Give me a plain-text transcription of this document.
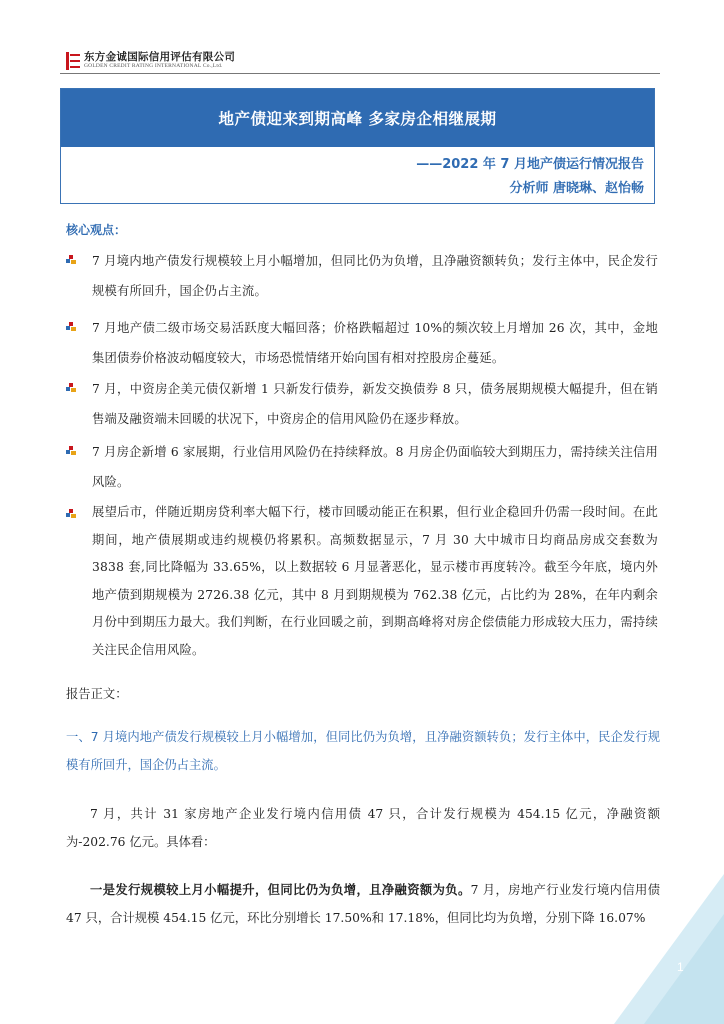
东方金诚国际信用评估有限公司
GOLDEN CREDIT RATING INTERNATIONAL Co.,Ltd.
地产债迎来到期高峰 多家房企相继展期
——2022 年 7 月地产债运行情况报告
分析师 唐晓琳、赵怡畅
核心观点：
7 月境内地产债发行规模较上月小幅增加，但同比仍为负增，且净融资额转负；发行主体中，民企发行规模有所回升，国企仍占主流。
7 月地产债二级市场交易活跃度大幅回落；价格跌幅超过 10%的频次较上月增加 26 次，其中，金地集团债券价格波动幅度较大，市场恐慌情绪开始向国有相对控股房企蔓延。
7 月，中资房企美元债仅新增 1 只新发行债券，新发交换债券 8 只，债务展期规模大幅提升，但在销售端及融资端未回暖的状况下，中资房企的信用风险仍在逐步释放。
7 月房企新增 6 家展期，行业信用风险仍在持续释放。8 月房企仍面临较大到期压力，需持续关注信用风险。
展望后市，伴随近期房贷利率大幅下行，楼市回暖动能正在积累，但行业企稳回升仍需一段时间。在此期间，地产债展期或违约规模仍将累积。高频数据显示，7 月 30 大中城市日均商品房成交套数为 3838 套,同比降幅为 33.65%，以上数据较 6 月显著恶化，显示楼市再度转冷。截至今年底，境内外地产债到期规模为 2726.38 亿元，其中 8 月到期规模为 762.38 亿元，占比约为 28%，在年内剩余月份中到期压力最大。我们判断，在行业回暖之前，到期高峰将对房企偿债能力形成较大压力，需持续关注民企信用风险。
报告正文：
一、7 月境内地产债发行规模较上月小幅增加，但同比仍为负增，且净融资额转负；发行主体中，民企发行规模有所回升，国企仍占主流。
7 月，共计 31 家房地产企业发行境内信用债 47 只，合计发行规模为 454.15 亿元，净融资额为-202.76 亿元。具体看：
一是发行规模较上月小幅提升，但同比仍为负增，且净融资额为负。7 月，房地产行业发行境内信用债 47 只，合计规模 454.15 亿元，环比分别增长 17.50%和 17.18%，但同比均为负增，分别下降 16.07%
1
